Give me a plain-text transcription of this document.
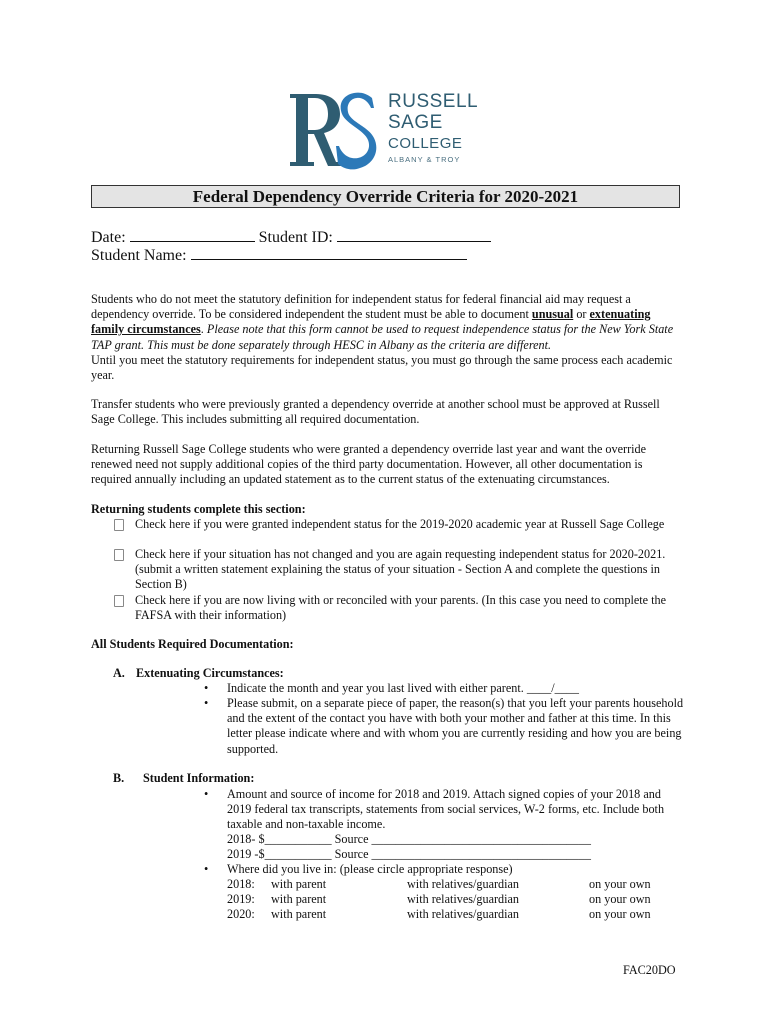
RUSSELL
SAGE
COLLEGE
ALBANY & TROY
Federal Dependency Override Criteria for 2020-2021
Date:	Student ID:
Student Name:

Students who do not meet the statutory definition for independent status for federal financial aid may request a dependency override. To be considered independent the student must be able to document unusual or extenuating family circumstances. Please note that this form cannot be used to request independence status for the New York State TAP grant. This must be done separately through HESC in Albany as the criteria are different.
Until you meet the statutory requirements for independent status, you must go through the same process each academic year.

Transfer students who were previously granted a dependency override at another school must be approved at Russell Sage College. This includes submitting all required documentation.

Returning Russell Sage College students who were granted a dependency override last year and want the override renewed need not supply additional copies of the third party documentation. However, all other documentation is required annually including an updated statement as to the current status of the extenuating circumstances.

Returning students complete this section:
Check here if you were granted independent status for the 2019-2020 academic year at Russell Sage College
Check here if your situation has not changed and you are again requesting independent status for 2020-2021. (submit a written statement explaining the status of your situation - Section A and complete the questions in Section B)
Check here if you are now living with or reconciled with your parents. (In this case you need to complete the FAFSA with their information)
All Students Required Documentation:
A. Extenuating Circumstances:
• Indicate the month and year you last lived with either parent. ____/____
• Please submit, on a separate piece of paper, the reason(s) that you left your parents household and the extent of the contact you have with both your mother and father at this time. In this letter please indicate where and with whom you are currently residing and how you are being supported.
B. Student Information:
• Amount and source of income for 2018 and 2019. Attach signed copies of your 2018 and 2019 federal tax transcripts, statements from social services, W-2 forms, etc. Include both taxable and non-taxable income.
2018- $___________ Source ____________________________________
2019 -$___________ Source ____________________________________
• Where did you live in: (please circle appropriate response)
2018: with parent	with relatives/guardian	on your own
2019: with parent	with relatives/guardian	on your own
2020: with parent	with relatives/guardian	on your own
FAC20DO
